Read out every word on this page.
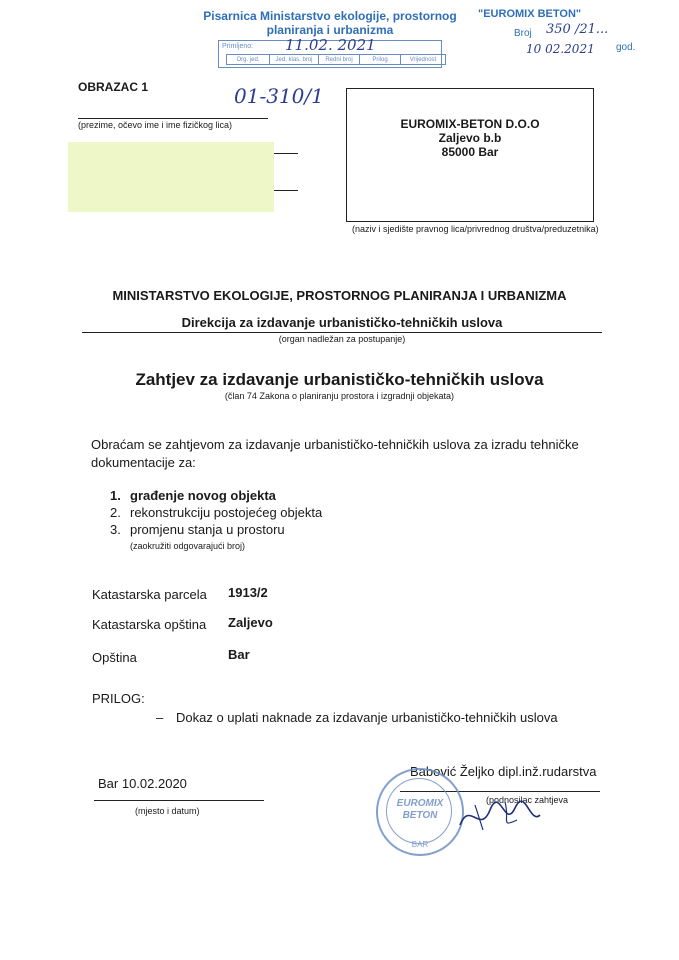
Pisarnica Ministarstvo ekologije, prostornog
planiranja i urbanizma
Org. jed.	Jed. klas. broj	Redni broj	Prilog	Vrijednost
Primljeno: 11.02. 2021
01-310/1
"EUROMIX BETON"
Broj 350 /21...
10 02.2021 god.
OBRAZAC 1
(prezime, očevo ime i ime fizičkog lica)	EUROMIX-BETON D.O.O
Zaljevo b.b
85000 Bar
(naziv i sjedište pravnog lica/privrednog društva/preduzetnika)
MINISTARSTVO EKOLOGIJE, PROSTORNOG PLANIRANJA I URBANIZMA
Direkcija za izdavanje urbanističko-tehničkih uslova
(organ nadležan za postupanje)
Zahtjev za izdavanje urbanističko-tehničkih uslova
(član 74 Zakona o planiranju prostora i izgradnji objekata)
Obraćam se zahtjevom za izdavanje urbanističko-tehničkih uslova za izradu tehničke
dokumentacije za:
1. građenje novog objekta
2. rekonstrukciju postojećeg objekta
3. promjenu stanja u prostoru
(zaokružiti odgovarajući broj)
Katastarska parcela 1913/2
Katastarska opština Zaljevo
Opština	Bar
PRILOG:
– Dokaz o uplati naknade za izdavanje urbanističko-tehničkih uslova
Bar 10.02.2020
(mjesto i datum)
Babović Željko dipl.inž.rudarstva
(podnosilac zahtjeva
EUROMIX
BETON
BAR
